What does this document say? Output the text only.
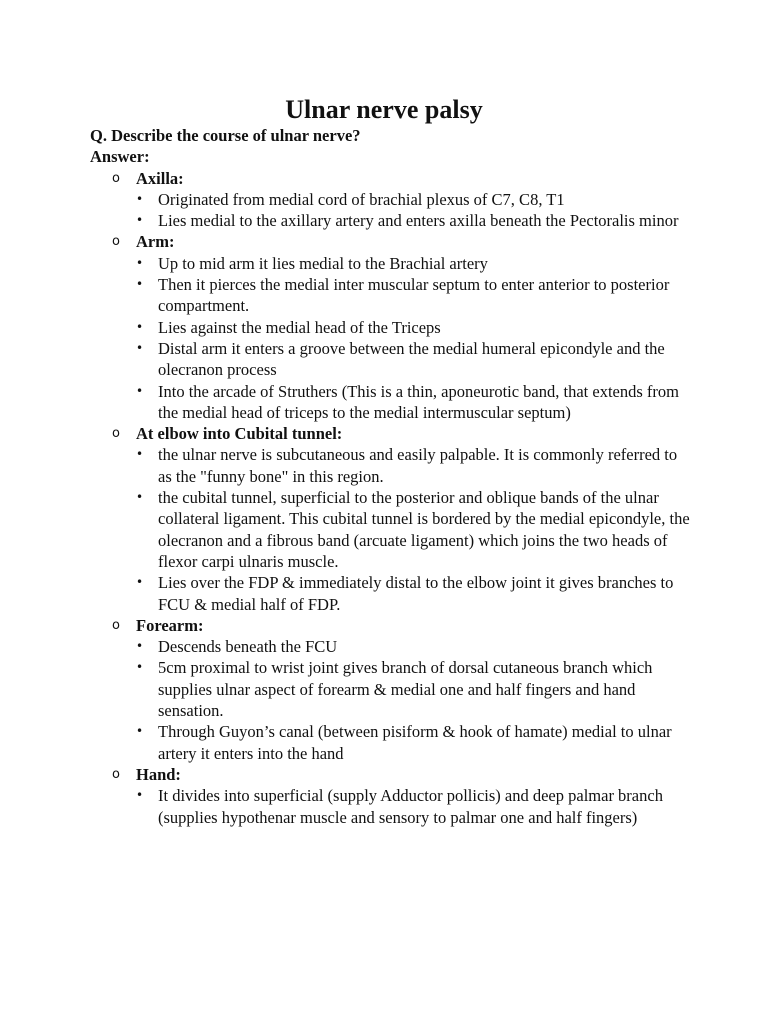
Ulnar nerve palsy

Q. Describe the course of ulnar nerve?

Answer:

o Axilla:
• Originated from medial cord of brachial plexus of C7, C8, T1
• Lies medial to the axillary artery and enters axilla beneath the Pectoralis minor
o Arm:
• Up to mid arm it lies medial to the Brachial artery
• Then it pierces the medial inter muscular septum to enter anterior to posterior compartment.
• Lies against the medial head of the Triceps
• Distal arm it enters a groove between the medial humeral epicondyle and the olecranon process
• Into the arcade of Struthers (This is a thin, aponeurotic band, that extends from the medial head of triceps to the medial intermuscular septum)
o At elbow into Cubital tunnel:
• the ulnar nerve is subcutaneous and easily palpable. It is commonly referred to as the "funny bone" in this region.
• the cubital tunnel, superficial to the posterior and oblique bands of the ulnar collateral ligament. This cubital tunnel is bordered by the medial epicondyle, the olecranon and a fibrous band (arcuate ligament) which joins the two heads of flexor carpi ulnaris muscle.
• Lies over the FDP & immediately distal to the elbow joint it gives branches to FCU & medial half of FDP.
o Forearm:
• Descends beneath the FCU
• 5cm proximal to wrist joint gives branch of dorsal cutaneous branch which supplies ulnar aspect of forearm & medial one and half fingers and hand sensation.
• Through Guyon’s canal (between pisiform & hook of hamate) medial to ulnar artery it enters into the hand
o Hand:
• It divides into superficial (supply Adductor pollicis) and deep palmar branch (supplies hypothenar muscle and sensory to palmar one and half fingers)
